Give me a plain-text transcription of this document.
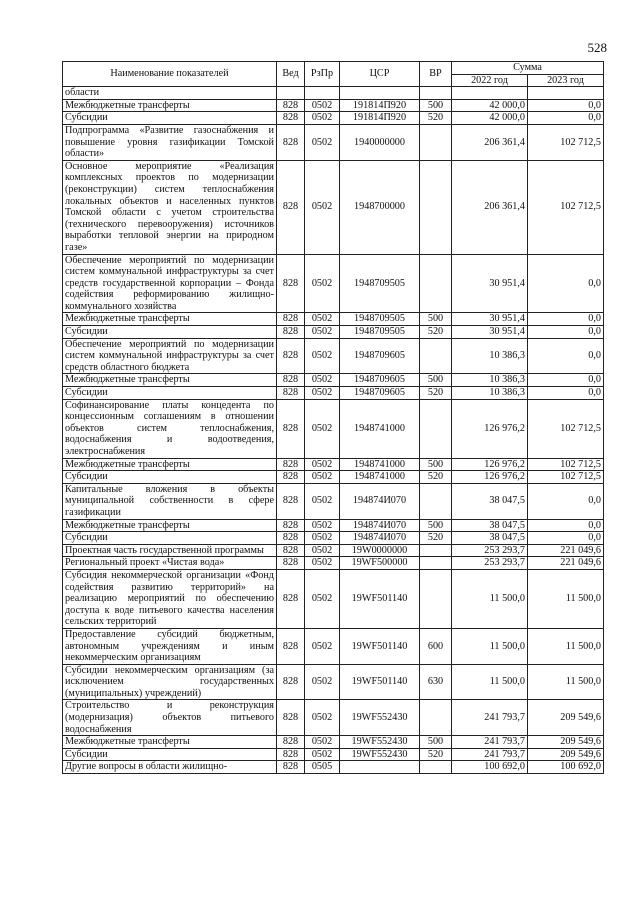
528
Наименование показателей	Вед	РзПр	ЦСР	ВР	Сумма	
					2022 год	2023 год
области						
Межбюджетные трансферты	828	0502	191814П920	500	42 000,0	0,0
Субсидии	828	0502	191814П920	520	42 000,0	0,0
Подпрограмма «Развитие газоснабжения и повышение уровня газификации Томской области»	828	0502	1940000000		206 361,4	102 712,5
Основное мероприятие «Реализация комплексных проектов по модернизации (реконструкции) систем теплоснабжения локальных объектов и населенных пунктов Томской области с учетом строительства (технического перевооружения) источников выработки тепловой энергии на природном газе»	828	0502	1948700000		206 361,4	102 712,5
Обеспечение мероприятий по модернизации систем коммунальной инфраструктуры за счет средств государственной корпорации – Фонда содействия реформированию жилищно-коммунального хозяйства	828	0502	1948709505		30 951,4	0,0
Межбюджетные трансферты	828	0502	1948709505	500	30 951,4	0,0
Субсидии	828	0502	1948709505	520	30 951,4	0,0
Обеспечение мероприятий по модернизации систем коммунальной инфраструктуры за счет средств областного бюджета	828	0502	1948709605		10 386,3	0,0
Межбюджетные трансферты	828	0502	1948709605	500	10 386,3	0,0
Субсидии	828	0502	1948709605	520	10 386,3	0,0
Софинансирование платы концедента по концессионным соглашениям в отношении объектов систем теплоснабжения, водоснабжения и водоотведения, электроснабжения	828	0502	1948741000		126 976,2	102 712,5
Межбюджетные трансферты	828	0502	1948741000	500	126 976,2	102 712,5
Субсидии	828	0502	1948741000	520	126 976,2	102 712,5
Капитальные вложения в объекты муниципальной собственности в сфере газификации	828	0502	194874И070		38 047,5	0,0
Межбюджетные трансферты	828	0502	194874И070	500	38 047,5	0,0
Субсидии	828	0502	194874И070	520	38 047,5	0,0
Проектная часть государственной программы	828	0502	19W0000000		253 293,7	221 049,6
Региональный проект «Чистая вода»	828	0502	19WF500000		253 293,7	221 049,6
Субсидия некоммерческой организации «Фонд содействия развитию территорий» на реализацию мероприятий по обеспечению доступа к воде питьевого качества населения сельских территорий	828	0502	19WF501140		11 500,0	11 500,0
Предоставление субсидий бюджетным, автономным учреждениям и иным некоммерческим организациям	828	0502	19WF501140	600	11 500,0	11 500,0
Субсидии некоммерческим организациям (за исключением государственных (муниципальных) учреждений)	828	0502	19WF501140	630	11 500,0	11 500,0
Строительство и реконструкция (модернизация) объектов питьевого водоснабжения	828	0502	19WF552430		241 793,7	209 549,6
Межбюджетные трансферты	828	0502	19WF552430	500	241 793,7	209 549,6
Субсидии	828	0502	19WF552430	520	241 793,7	209 549,6
Другие вопросы в области жилищно-	828	0505			100 692,0	100 692,0
